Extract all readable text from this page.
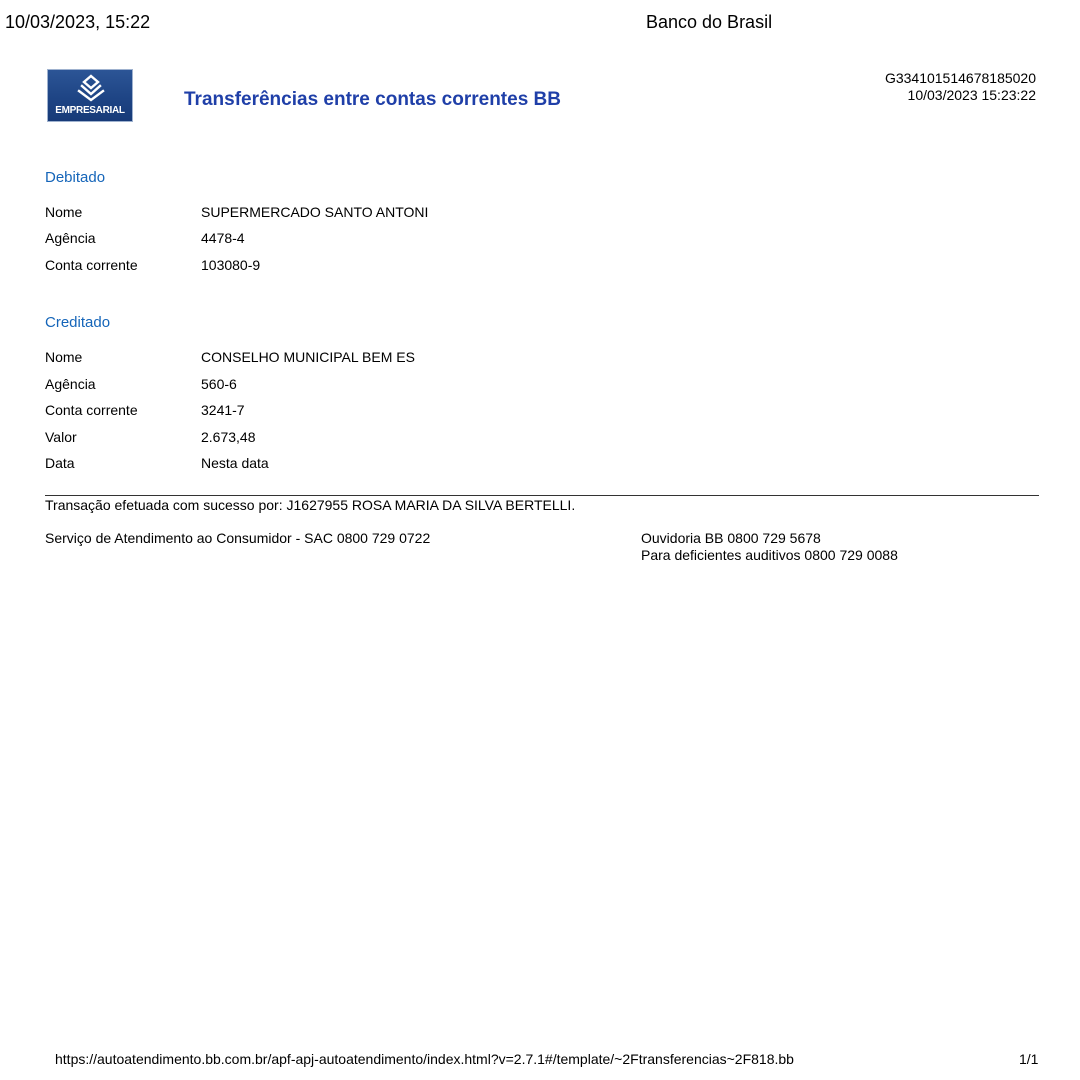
10/03/2023, 15:22	Banco do Brasil
EMPRESARIAL
Transferências entre contas correntes BB
G334101514678185020
10/03/2023 15:23:22
Debitado
Nome	SUPERMERCADO SANTO ANTONI
Agência	4478-4
Conta corrente	103080-9
Creditado
Nome	CONSELHO MUNICIPAL BEM ES
Agência	560-6
Conta corrente	3241-7
Valor	2.673,48
Data	Nesta data
Transação efetuada com sucesso por: J1627955 ROSA MARIA DA SILVA BERTELLI.
Serviço de Atendimento ao Consumidor - SAC 0800 729 0722	Ouvidoria BB 0800 729 5678
Para deficientes auditivos 0800 729 0088
https://autoatendimento.bb.com.br/apf-apj-autoatendimento/index.html?v=2.7.1#/template/~2Ftransferencias~2F818.bb	1/1
